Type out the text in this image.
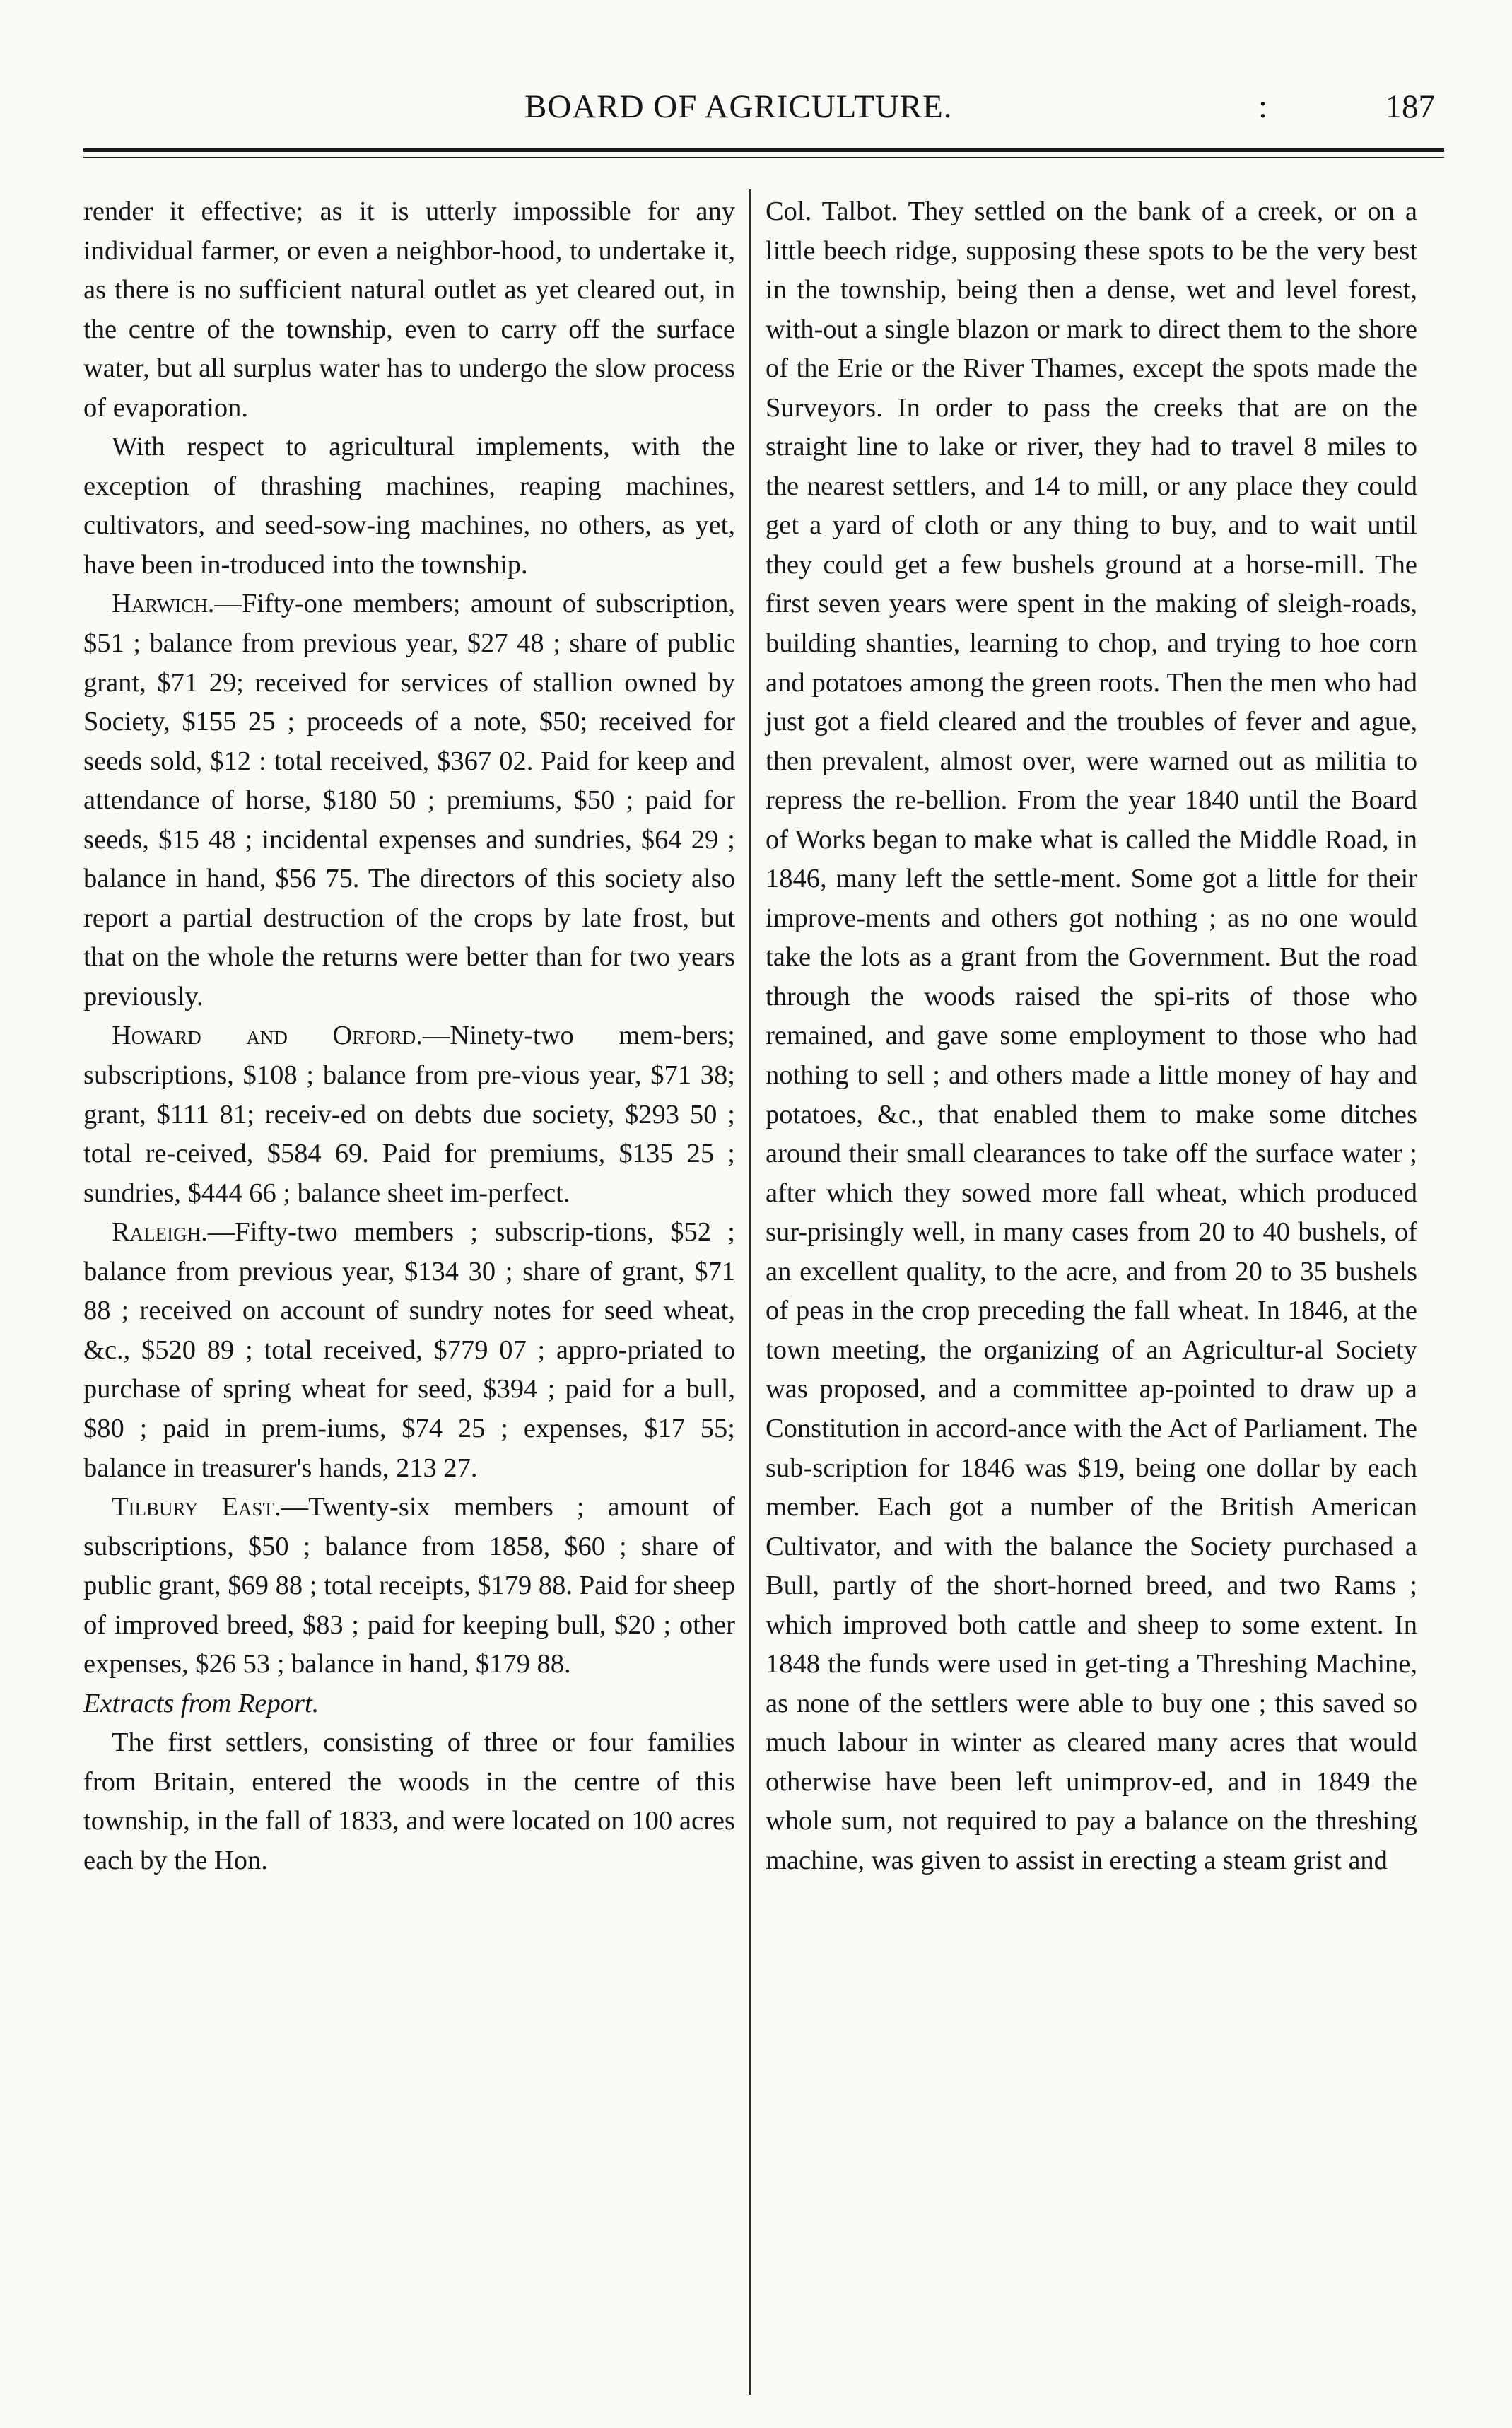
BOARD OF AGRICULTURE.	:	187

render it effective; as it is utterly impossible for any individual farmer, or even a neighbor-hood, to undertake it, as there is no sufficient natural outlet as yet cleared out, in the centre of the township, even to carry off the surface water, but all surplus water has to undergo the slow process of evaporation.

With respect to agricultural implements, with the exception of thrashing machines, reaping machines, cultivators, and seed-sow-ing machines, no others, as yet, have been in-troduced into the township.

Harwich.—Fifty-one members; amount of subscription, $51 ; balance from previous year, $27 48 ; share of public grant, $71 29; received for services of stallion owned by Society, $155 25 ; proceeds of a note, $50; received for seeds sold, $12 : total received, $367 02. Paid for keep and attendance of horse, $180 50 ; premiums, $50 ; paid for seeds, $15 48 ; incidental expenses and sundries, $64 29 ; balance in hand, $56 75. The directors of this society also report a partial destruction of the crops by late frost, but that on the whole the returns were better than for two years previously.

Howard and Orford.—Ninety-two mem-bers; subscriptions, $108 ; balance from pre-vious year, $71 38; grant, $111 81; receiv-ed on debts due society, $293 50 ; total re-ceived, $584 69. Paid for premiums, $135 25 ; sundries, $444 66 ; balance sheet im-perfect.

Raleigh.—Fifty-two members ; subscrip-tions, $52 ; balance from previous year, $134 30 ; share of grant, $71 88 ; received on account of sundry notes for seed wheat, &c., $520 89 ; total received, $779 07 ; appro-priated to purchase of spring wheat for seed, $394 ; paid for a bull, $80 ; paid in prem-iums, $74 25 ; expenses, $17 55; balance in treasurer's hands, 213 27.

Tilbury East.—Twenty-six members ; amount of subscriptions, $50 ; balance from 1858, $60 ; share of public grant, $69 88 ; total receipts, $179 88. Paid for sheep of improved breed, $83 ; paid for keeping bull, $20 ; other expenses, $26 53 ; balance in hand, $179 88.

Extracts from Report.

The first settlers, consisting of three or four families from Britain, entered the woods in the centre of this township, in the fall of 1833, and were located on 100 acres each by the Hon.

Col. Talbot. They settled on the bank of a creek, or on a little beech ridge, supposing these spots to be the very best in the township, being then a dense, wet and level forest, with-out a single blazon or mark to direct them to the shore of the Erie or the River Thames, except the spots made the Surveyors. In order to pass the creeks that are on the straight line to lake or river, they had to travel 8 miles to the nearest settlers, and 14 to mill, or any place they could get a yard of cloth or any thing to buy, and to wait until they could get a few bushels ground at a horse-mill. The first seven years were spent in the making of sleigh-roads, building shanties, learning to chop, and trying to hoe corn and potatoes among the green roots. Then the men who had just got a field cleared and the troubles of fever and ague, then prevalent, almost over, were warned out as militia to repress the re-bellion. From the year 1840 until the Board of Works began to make what is called the Middle Road, in 1846, many left the settle-ment. Some got a little for their improve-ments and others got nothing ; as no one would take the lots as a grant from the Government. But the road through the woods raised the spi-rits of those who remained, and gave some employment to those who had nothing to sell ; and others made a little money of hay and potatoes, &c., that enabled them to make some ditches around their small clearances to take off the surface water ; after which they sowed more fall wheat, which produced sur-prisingly well, in many cases from 20 to 40 bushels, of an excellent quality, to the acre, and from 20 to 35 bushels of peas in the crop preceding the fall wheat. In 1846, at the town meeting, the organizing of an Agricultur-al Society was proposed, and a committee ap-pointed to draw up a Constitution in accord-ance with the Act of Parliament. The sub-scription for 1846 was $19, being one dollar by each member. Each got a number of the British American Cultivator, and with the balance the Society purchased a Bull, partly of the short-horned breed, and two Rams ; which improved both cattle and sheep to some extent. In 1848 the funds were used in get-ting a Threshing Machine, as none of the settlers were able to buy one ; this saved so much labour in winter as cleared many acres that would otherwise have been left unimprov-ed, and in 1849 the whole sum, not required to pay a balance on the threshing machine, was given to assist in erecting a steam grist and
